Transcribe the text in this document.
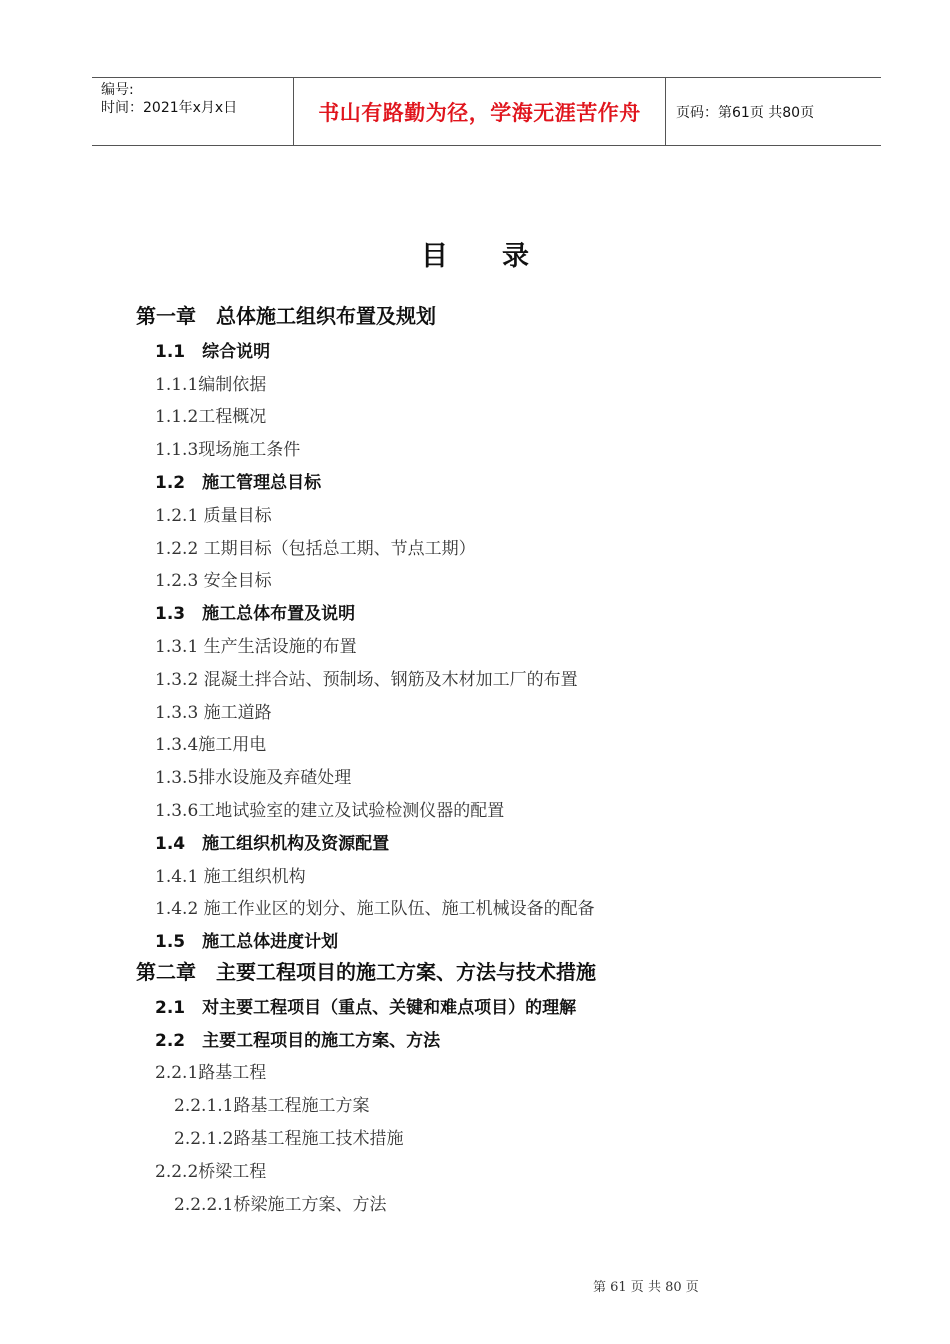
编号:
时间：2021年x月x日	书山有路勤为径，学海无涯苦作舟	页码：第61页 共80页
目录
第一章　总体施工组织布置及规划
1.1　综合说明
1.1.1编制依据
1.1.2工程概况
1.1.3现场施工条件
1.2　施工管理总目标
1.2.1 质量目标
1.2.2 工期目标（包括总工期、节点工期）
1.2.3 安全目标
1.3　施工总体布置及说明
1.3.1 生产生活设施的布置
1.3.2 混凝土拌合站、预制场、钢筋及木材加工厂的布置
1.3.3 施工道路
1.3.4施工用电
1.3.5排水设施及弃碴处理
1.3.6工地试验室的建立及试验检测仪器的配置
1.4　施工组织机构及资源配置
1.4.1 施工组织机构
1.4.2 施工作业区的划分、施工队伍、施工机械设备的配备
1.5　施工总体进度计划
第二章　主要工程项目的施工方案、方法与技术措施
2.1　对主要工程项目（重点、关键和难点项目）的理解
2.2　主要工程项目的施工方案、方法
2.2.1路基工程
2.2.1.1路基工程施工方案
2.2.1.2路基工程施工技术措施
2.2.2桥梁工程
2.2.2.1桥梁施工方案、方法
第 61 页 共 80 页
